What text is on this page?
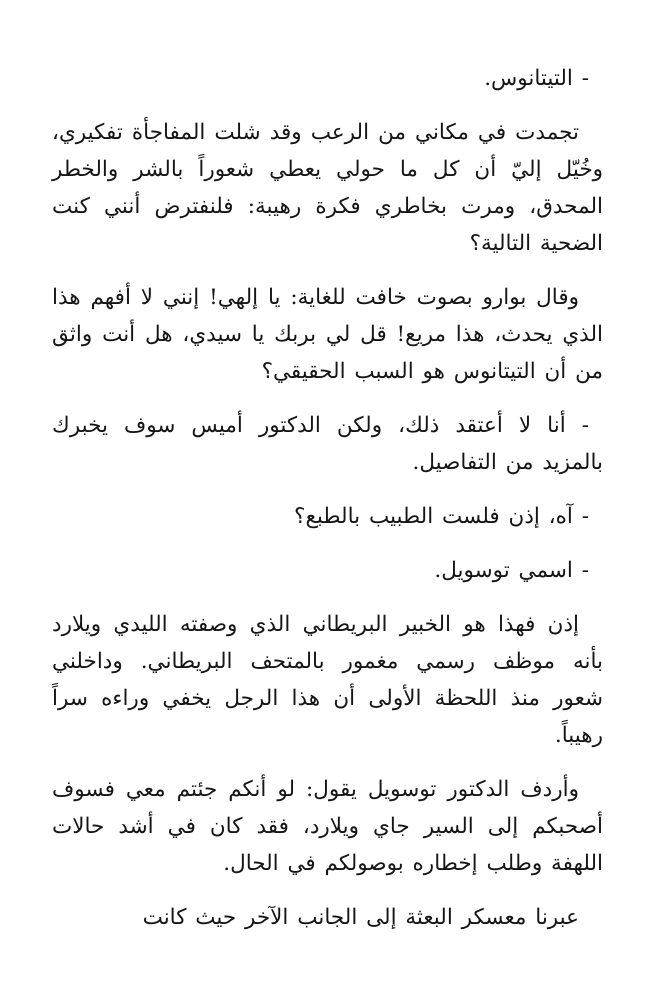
- التيتانوس.

تجمدت في مكاني من الرعب وقد شلت المفاجأة تفكيري، وخُيّل إليّ أن كل ما حولي يعطي شعوراً بالشر والخطر المحدق، ومرت بخاطري فكرة رهيبة: فلنفترض أنني كنت الضحية التالية؟

وقال بوارو بصوت خافت للغاية: يا إلهي! إنني لا أفهم هذا الذي يحدث، هذا مريع! قل لي بربك يا سيدي، هل أنت واثق من أن التيتانوس هو السبب الحقيقي؟

- أنا لا أعتقد ذلك، ولكن الدكتور أميس سوف يخبرك بالمزيد من التفاصيل.

- آه، إذن فلست الطبيب بالطبع؟

- اسمي توسويل.

إذن فهذا هو الخبير البريطاني الذي وصفته الليدي ويلارد بأنه موظف رسمي مغمور بالمتحف البريطاني. وداخلني شعور منذ اللحظة الأولى أن هذا الرجل يخفي وراءه سراً رهيباً.

وأردف الدكتور توسويل يقول: لو أنكم جئتم معي فسوف أصحبكم إلى السير جاي ويلارد، فقد كان في أشد حالات اللهفة وطلب إخطاره بوصولكم في الحال.

عبرنا معسكر البعثة إلى الجانب الآخر حيث كانت
